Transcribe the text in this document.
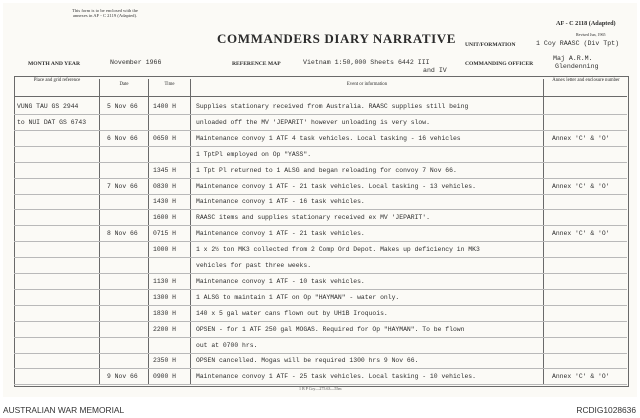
This form is to be enclosed with the annexes in AF - C 2119 (Adapted).
COMMANDERS DIARY NARRATIVE
AF - C 2118 (Adapted)
Revised Jun, 1965
UNIT/FORMATION	1 Coy RAASC (Div Tpt)
MONTH AND YEAR	November 1966	REFERENCE MAP	Vietnam 1:50,000 Sheets 6442 III
and IV
COMMANDING OFFICER
Maj A.R.M.
Glendenning
Place and grid reference
Date	Time	Event or information
Annex letter and enclosure number
VUNG TAU GS 2944	5 Nov 66 1400 H	Supplies stationary received from Australia. RAASC supplies still being
to NUI DAT GS 6743	unloaded off the MV 'JEPARIT' however unloading is very slow.
6 Nov 66 0650 H	Maintenance convoy 1 ATF 4 task vehicles. Local tasking - 16 vehicles	Annex 'C' & 'O'
1 TptPl employed on Op "YASS".
1345 H	1 Tpt Pl returned to 1 ALSG and began reloading for convoy 7 Nov 66.
7 Nov 66 0830 H	Maintenance convoy 1 ATF - 21 task vehicles. Local tasking - 13 vehicles.	Annex 'C' & 'O'
1430 H	Maintenance convoy 1 ATF - 16 task vehicles.
1600 H	RAASC items and supplies stationary received ex MV 'JEPARIT'.
8 Nov 66 0715 H	Maintenance convoy 1 ATF - 21 task vehicles.	Annex 'C' & 'O'
1000 H	1 x 2½ ton MK3 collected from 2 Comp Ord Depot. Makes up deficiency in MK3
vehicles for past three weeks.
1130 H	Maintenance convoy 1 ATF - 10 task vehicles.
1300 H	1 ALSG to maintain 1 ATF on Op "HAYMAN" - water only.
1830 H	140 x 5 gal water cans flown out by UH1B Iroquois.
2200 H	OPSEN - for 1 ATF 250 gal MOGAS. Required for Op "HAYMAN". To be flown
out at 0700 hrs.
2350 H	OPSEN cancelled. Mogas will be required 1300 hrs 9 Nov 66.
9 Nov 66 0900 H	Maintenance convoy 1 ATF - 25 task vehicles. Local tasking - 10 vehicles.	Annex 'C' & 'O'
1 B P Coy—275.63—55m
AUSTRALIAN WAR MEMORIAL	RCDIG1028636
